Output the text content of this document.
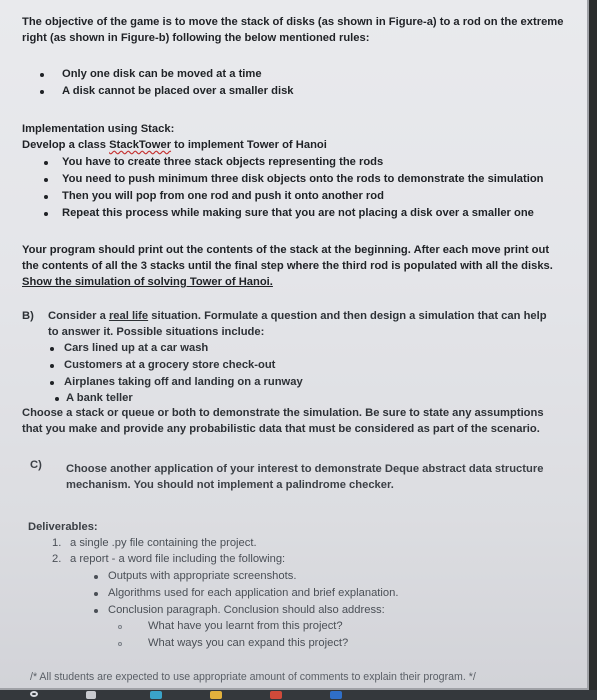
The objective of the game is to move the stack of disks (as shown in Figure-a) to a rod on the extreme
right (as shown in Figure-b) following the below mentioned rules:
Only one disk can be moved at a time
A disk cannot be placed over a smaller disk
Implementation using Stack:
Develop a class StackTower to implement Tower of Hanoi
You have to create three stack objects representing the rods
You need to push minimum three disk objects onto the rods to demonstrate the simulation
Then you will pop from one rod and push it onto another rod
Repeat this process while making sure that you are not placing a disk over a smaller one
Your program should print out the contents of the stack at the beginning. After each move print out
the contents of all the 3 stacks until the final step where the third rod is populated with all the disks.
Show the simulation of solving Tower of Hanoi.
B) Consider a real life situation. Formulate a question and then design a simulation that can help
to answer it. Possible situations include:
Cars lined up at a car wash
Customers at a grocery store check-out
Airplanes taking off and landing on a runway
A bank teller
Choose a stack or queue or both to demonstrate the simulation. Be sure to state any assumptions
that you make and provide any probabilistic data that must be considered as part of the scenario.
C) Choose another application of your interest to demonstrate Deque abstract data structure
mechanism. You should not implement a palindrome checker.
Deliverables:
1. a single .py file containing the project.
2. a report - a word file including the following:
Outputs with appropriate screenshots.
Algorithms used for each application and brief explanation.
Conclusion paragraph. Conclusion should also address:
What have you learnt from this project?
What ways you can expand this project?
/* All students are expected to use appropriate amount of comments to explain their program. */
